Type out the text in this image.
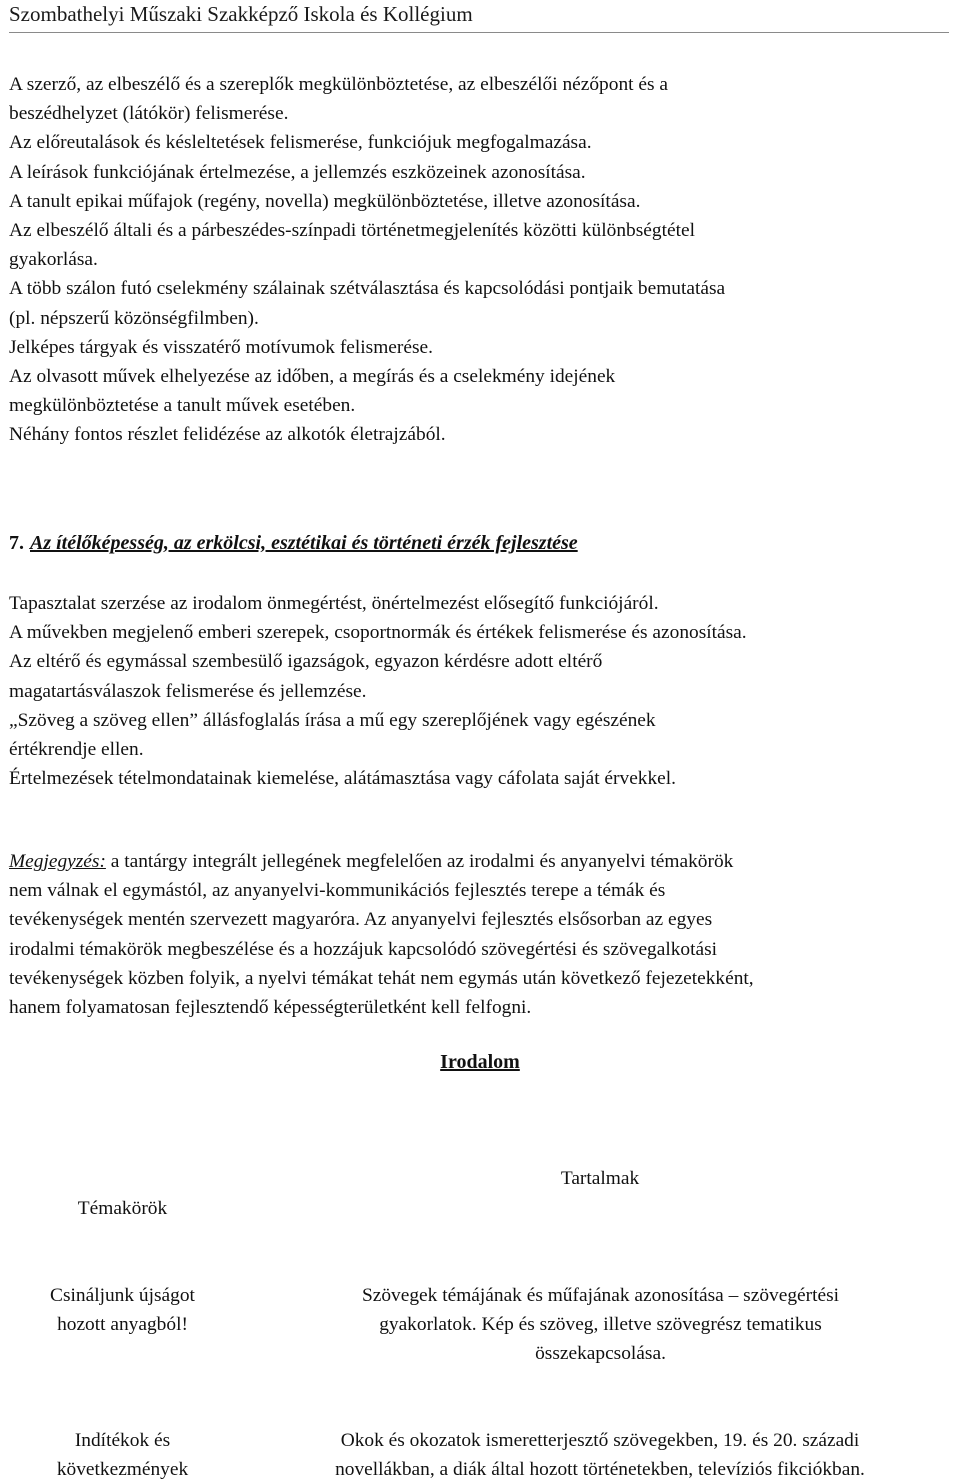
Szombathelyi Műszaki Szakképző Iskola és Kollégium

A szerző, az elbeszélő és a szereplők megkülönböztetése, az elbeszélői nézőpont és a

beszédhelyzet (látókör) felismerése.

Az előreutalások és késleltetések felismerése, funkciójuk megfogalmazása.

A leírások funkciójának értelmezése, a jellemzés eszközeinek azonosítása.

A tanult epikai műfajok (regény, novella) megkülönböztetése, illetve azonosítása.

Az elbeszélő általi és a párbeszédes-színpadi történetmegjelenítés közötti különbségtétel

gyakorlása.

A több szálon futó cselekmény szálainak szétválasztása és kapcsolódási pontjaik bemutatása

(pl. népszerű közönségfilmben).

Jelképes tárgyak és visszatérő motívumok felismerése.

Az olvasott művek elhelyezése az időben, a megírás és a cselekmény idejének

megkülönböztetése a tanult művek esetében.

Néhány fontos részlet felidézése az alkotók életrajzából.

7. Az ítélőképesség, az erkölcsi, esztétikai és történeti érzék fejlesztése

Tapasztalat szerzése az irodalom önmegértést, önértelmezést elősegítő funkciójáról.

A művekben megjelenő emberi szerepek, csoportnormák és értékek felismerése és azonosítása.

Az eltérő és egymással szembesülő igazságok, egyazon kérdésre adott eltérő

magatartásválaszok felismerése és jellemzése.

„Szöveg a szöveg ellen” állásfoglalás írása a mű egy szereplőjének vagy egészének

értékrendje ellen.

Értelmezések tételmondatainak kiemelése, alátámasztása vagy cáfolata saját érvekkel.

Megjegyzés: a tantárgy integrált jellegének megfelelően az irodalmi és anyanyelvi témakörök

nem válnak el egymástól, az anyanyelvi-kommunikációs fejlesztés terepe a témák és

tevékenységek mentén szervezett magyaróra. Az anyanyelvi fejlesztés elsősorban az egyes

irodalmi témakörök megbeszélése és a hozzájuk kapcsolódó szövegértési és szövegalkotási

tevékenységek közben folyik, a nyelvi témákat tehát nem egymás után következő fejezetekként,

hanem folyamatosan fejlesztendő képességterületként kell felfogni.

Irodalom
Témakörök
Tartalmak
Csináljunk újságot
hozott anyagból!
Szövegek témájának és műfajának azonosítása – szövegértési
gyakorlatok. Kép és szöveg, illetve szövegrész tematikus
összekapcsolása.
Indítékok és
következmények
Okok és okozatok ismeretterjesztő szövegekben, 19. és 20. századi
novellákban, a diák által hozott történetekben, televíziós fikciókban.
